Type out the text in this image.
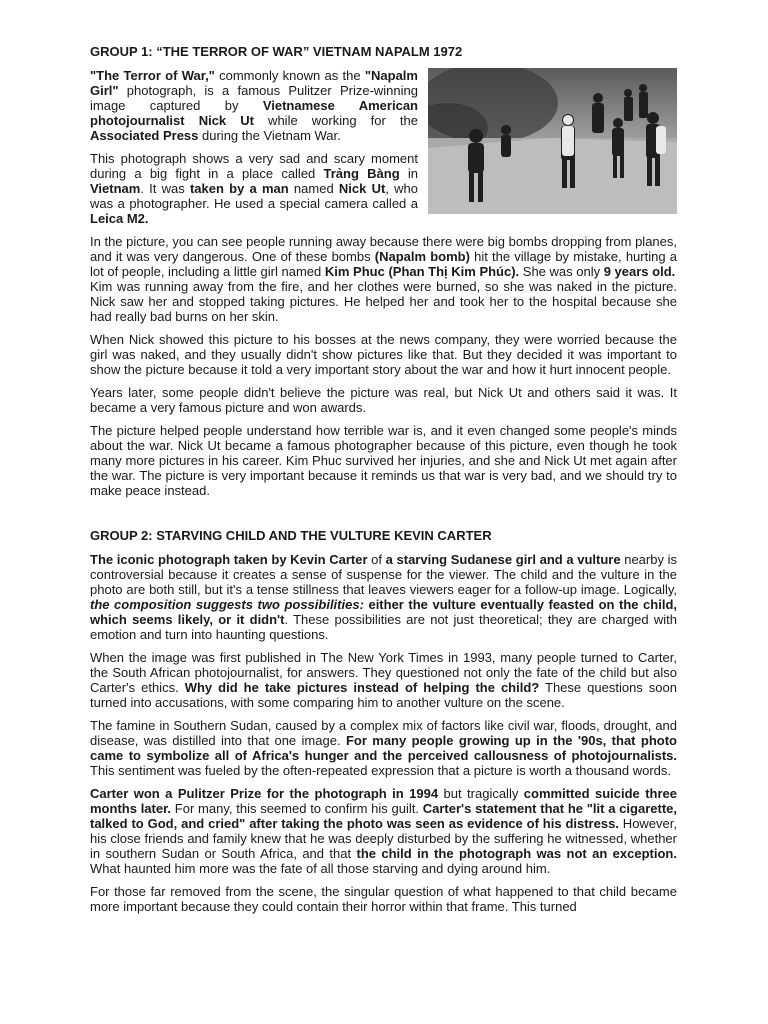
GROUP 1: “THE TERROR OF WAR” VIETNAM NAPALM 1972

"The Terror of War," commonly known as the "Napalm Girl" photograph, is a famous Pulitzer Prize-winning image captured by Vietnamese American photojournalist Nick Ut while working for the Associated Press during the Vietnam War.

This photograph shows a very sad and scary moment during a big fight in a place called Trảng Bàng in Vietnam. It was taken by a man named Nick Ut, who was a photographer. He used a special camera called a Leica M2.

In the picture, you can see people running away because there were big bombs dropping from planes, and it was very dangerous. One of these bombs (Napalm bomb) hit the village by mistake, hurting a lot of people, including a little girl named Kim Phuc (Phan Thị Kim Phúc). She was only 9 years old.

Kim was running away from the fire, and her clothes were burned, so she was naked in the picture. Nick saw her and stopped taking pictures. He helped her and took her to the hospital because she had really bad burns on her skin.

When Nick showed this picture to his bosses at the news company, they were worried because the girl was naked, and they usually didn't show pictures like that. But they decided it was important to show the picture because it told a very important story about the war and how it hurt innocent people.

Years later, some people didn't believe the picture was real, but Nick Ut and others said it was. It became a very famous picture and won awards.

The picture helped people understand how terrible war is, and it even changed some people's minds about the war. Nick Ut became a famous photographer because of this picture, even though he took many more pictures in his career. Kim Phuc survived her injuries, and she and Nick Ut met again after the war. The picture is very important because it reminds us that war is very bad, and we should try to make peace instead.

GROUP 2: STARVING CHILD AND THE VULTURE KEVIN CARTER

The iconic photograph taken by Kevin Carter of a starving Sudanese girl and a vulture nearby is controversial because it creates a sense of suspense for the viewer. The child and the vulture in the photo are both still, but it's a tense stillness that leaves viewers eager for a follow-up image. Logically, the composition suggests two possibilities: either the vulture eventually feasted on the child, which seems likely, or it didn't. These possibilities are not just theoretical; they are charged with emotion and turn into haunting questions.

When the image was first published in The New York Times in 1993, many people turned to Carter, the South African photojournalist, for answers. They questioned not only the fate of the child but also Carter's ethics. Why did he take pictures instead of helping the child? These questions soon turned into accusations, with some comparing him to another vulture on the scene.

The famine in Southern Sudan, caused by a complex mix of factors like civil war, floods, drought, and disease, was distilled into that one image. For many people growing up in the '90s, that photo came to symbolize all of Africa's hunger and the perceived callousness of photojournalists. This sentiment was fueled by the often-repeated expression that a picture is worth a thousand words.

Carter won a Pulitzer Prize for the photograph in 1994 but tragically committed suicide three months later. For many, this seemed to confirm his guilt. Carter's statement that he "lit a cigarette, talked to God, and cried" after taking the photo was seen as evidence of his distress. However, his close friends and family knew that he was deeply disturbed by the suffering he witnessed, whether in southern Sudan or South Africa, and that the child in the photograph was not an exception. What haunted him more was the fate of all those starving and dying around him.

For those far removed from the scene, the singular question of what happened to that child became more important because they could contain their horror within that frame. This turned
